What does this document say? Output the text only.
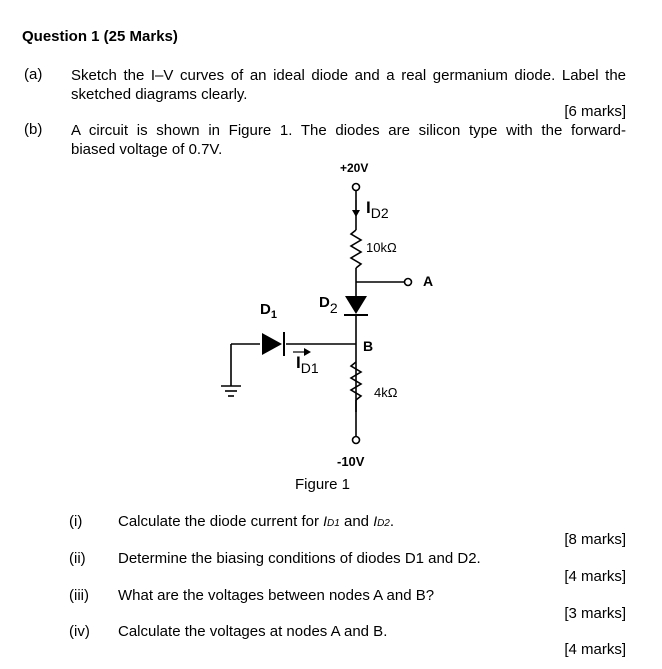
Question 1 (25 Marks)
(a) Sketch the I–V curves of an ideal diode and a real germanium diode. Label the
sketched diagrams clearly.
[6 marks]
(b) A circuit is shown in Figure 1. The diodes are silicon type with the forward-
biased voltage of 0.7V.
+20V
$I_{D2}$
10kΩ
A
$D_1$
D2
B
$I_{D1}$
4kΩ
-10V
Figure 1
(i) Calculate the diode current for ID1 and ID2.
[8 marks]
(ii) Determine the biasing conditions of diodes D1 and D2.
[4 marks]
(iii) What are the voltages between nodes A and B?
[3 marks]
(iv) Calculate the voltages at nodes A and B.
[4 marks]
